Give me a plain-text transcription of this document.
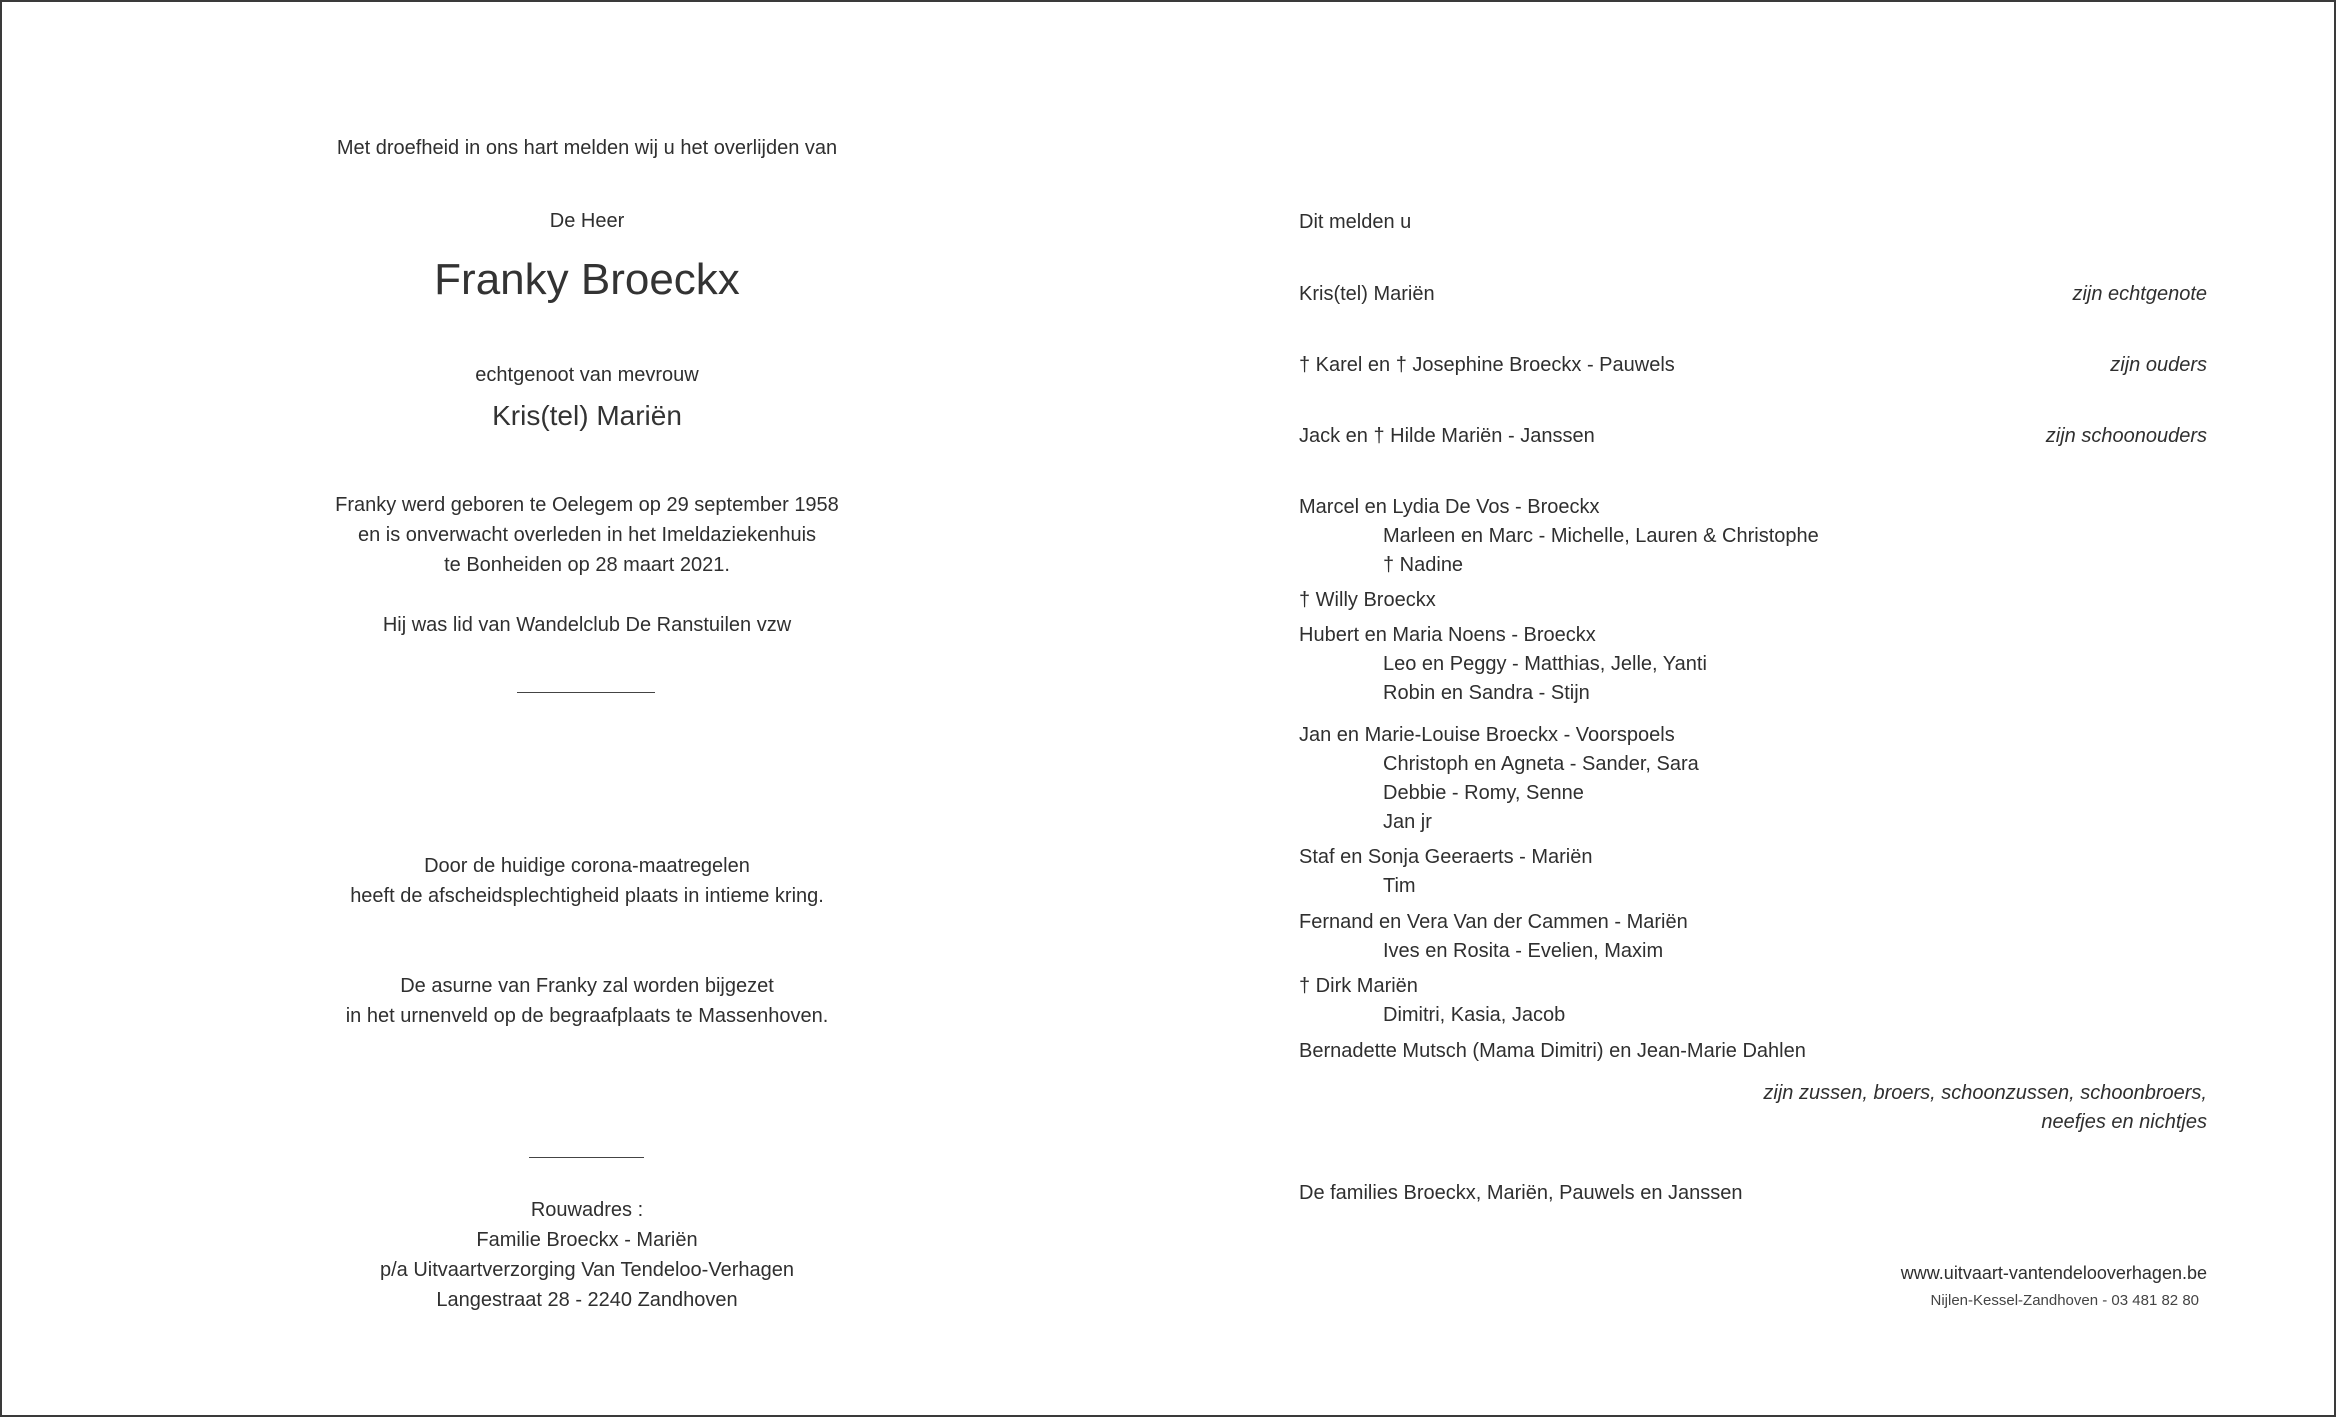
Met droefheid in ons hart melden wij u het overlijden van
De Heer
Franky Broeckx
echtgenoot van mevrouw
Kris(tel) Mariën
Franky werd geboren te Oelegem op 29 september 1958
en is onverwacht overleden in het Imeldaziekenhuis
te Bonheiden op 28 maart 2021.
Hij was lid van Wandelclub De Ranstuilen vzw
Door de huidige corona-maatregelen
heeft de afscheidsplechtigheid plaats in intieme kring.
De asurne van Franky zal worden bijgezet
in het urnenveld op de begraafplaats te Massenhoven.
Rouwadres :
Familie Broeckx - Mariën
p/a Uitvaartverzorging Van Tendeloo-Verhagen
Langestraat 28 - 2240 Zandhoven
Dit melden u
Kris(tel) Mariën	zijn echtgenote
† Karel en † Josephine Broeckx - Pauwels	zijn ouders
Jack en † Hilde Mariën - Janssen	zijn schoonouders
Marcel en Lydia De Vos - Broeckx
Marleen en Marc - Michelle, Lauren & Christophe
† Nadine
† Willy Broeckx
Hubert en Maria Noens - Broeckx
Leo en Peggy - Matthias, Jelle, Yanti
Robin en Sandra - Stijn
Jan en Marie-Louise Broeckx - Voorspoels
Christoph en Agneta - Sander, Sara
Debbie - Romy, Senne
Jan jr
Staf en Sonja Geeraerts - Mariën
Tim
Fernand en Vera Van der Cammen - Mariën
Ives en Rosita - Evelien, Maxim
† Dirk Mariën
Dimitri, Kasia, Jacob
Bernadette Mutsch (Mama Dimitri) en Jean-Marie Dahlen
zijn zussen, broers, schoonzussen, schoonbroers,
neefjes en nichtjes
De families Broeckx, Mariën, Pauwels en Janssen
www.uitvaart-vantendelooverhagen.be
Nijlen-Kessel-Zandhoven - 03 481 82 80
